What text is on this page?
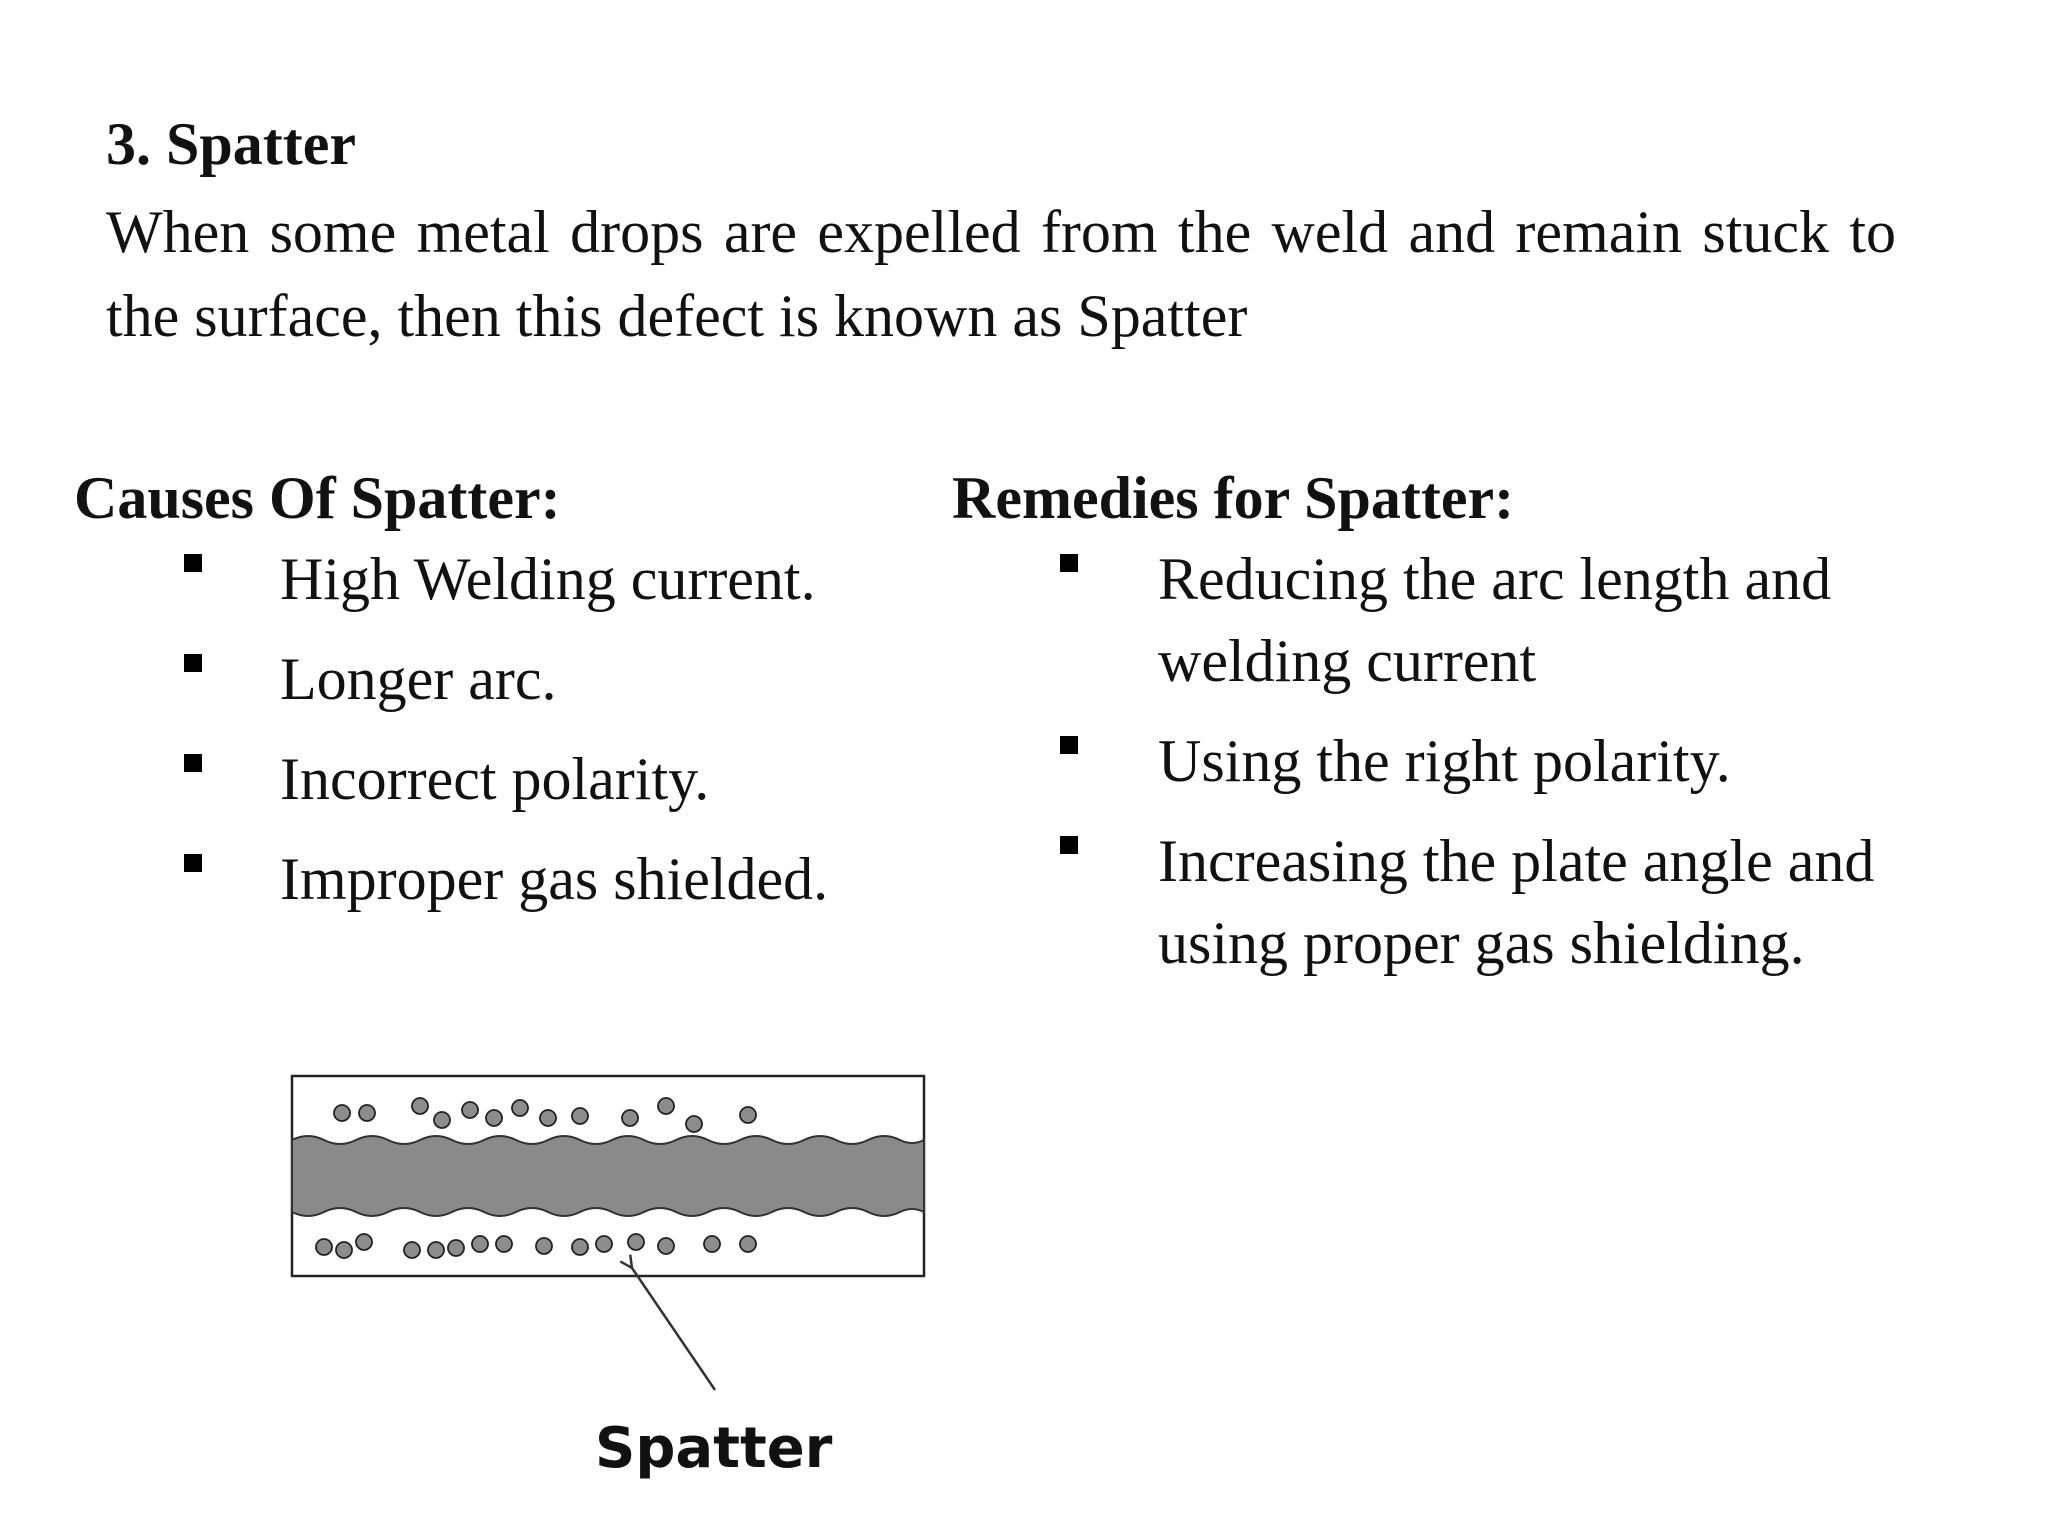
3. Spatter

When some metal drops are expelled from the weld and remain stuck to the surface, then this defect is known as Spatter

Causes Of Spatter:
High Welding current.
Longer arc.
Incorrect polarity.
Improper gas shielded.
Remedies for Spatter:
Reducing the arc length and welding current
Using the right polarity.
Increasing the plate angle and using proper gas shielding.
Spatter
